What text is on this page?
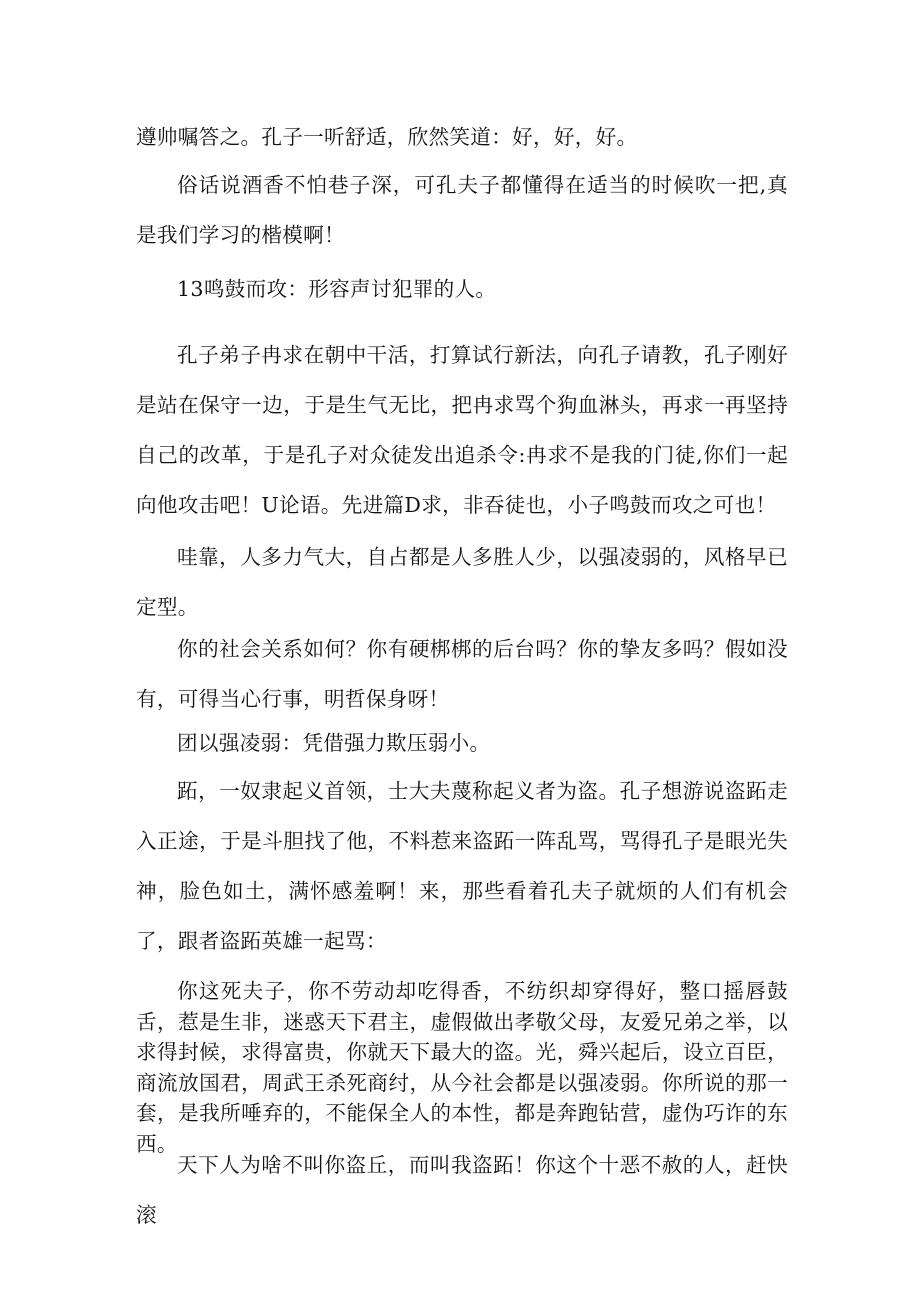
遵帅嘱答之。孔子一听舒适，欣然笑道：好，好，好。

俗话说酒香不怕巷子深，可孔夫子都懂得在适当的时候吹一把,真是我们学习的楷模啊！

13鸣鼓而攻：形容声讨犯罪的人。

孔子弟子冉求在朝中干活，打算试行新法，向孔子请教，孔子刚好是站在保守一边，于是生气无比，把冉求骂个狗血淋头，再求一再坚持自己的改革，于是孔子对众徒发出追杀令:冉求不是我的门徒,你们一起向他攻击吧！U论语。先进篇D求，非吞徒也，小子鸣鼓而攻之可也！

哇靠，人多力气大，自占都是人多胜人少，以强凌弱的，风格早已定型。

你的社会关系如何？你有硬梆梆的后台吗？你的挚友多吗？假如没有，可得当心行事，明哲保身呀！

团以强凌弱：凭借强力欺压弱小。

跖，一奴隶起义首领，士大夫蔑称起义者为盗。孔子想游说盗跖走入正途，于是斗胆找了他，不料惹来盗跖一阵乱骂，骂得孔子是眼光失神，脸色如土，满怀感羞啊！来，那些看着孔夫子就烦的人们有机会了，跟者盗跖英雄一起骂：

你这死夫子，你不劳动却吃得香，不纺织却穿得好，整口摇唇鼓舌，惹是生非，迷惑天下君主，虚假做出孝敬父母，友爱兄弟之举，以求得封候，求得富贵，你就天下最大的盗。光，舜兴起后，设立百臣，商流放国君，周武王杀死商纣，从今社会都是以强凌弱。你所说的那一套，是我所唾弃的，不能保全人的本性，都是奔跑钻营，虚伪巧诈的东西。

天下人为啥不叫你盗丘，而叫我盗跖！你这个十恶不赦的人，赶快滚
